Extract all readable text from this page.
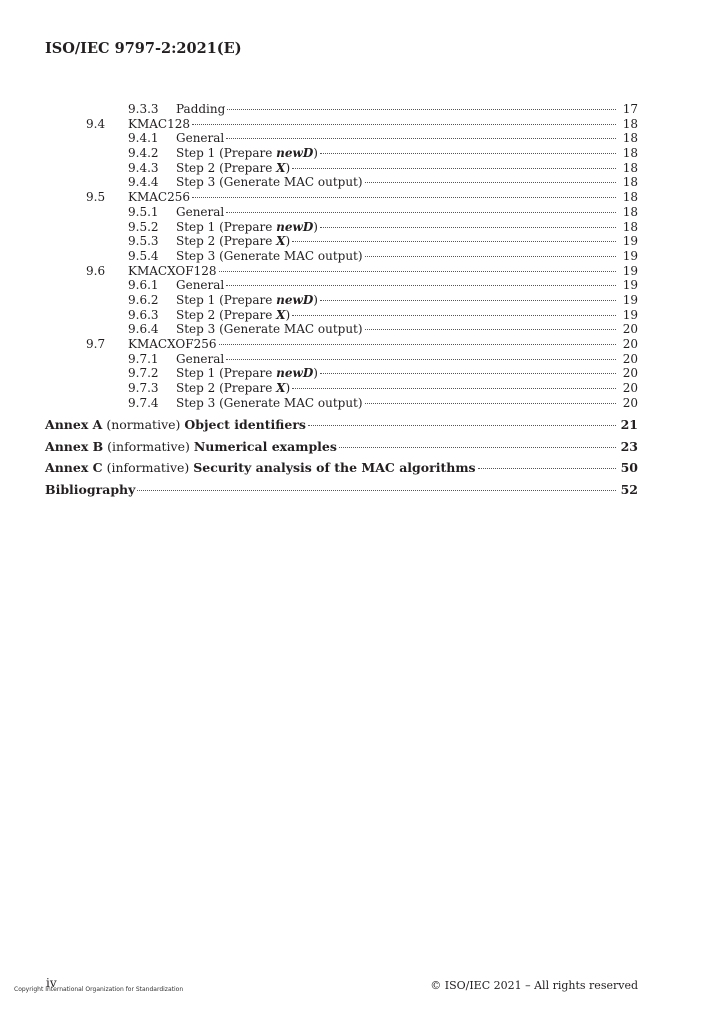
ISO/IEC 9797-2:2021(E)
9.3.3 Padding	17
9.4 KMAC128	18
9.4.1 General	18
9.4.2 Step 1 (Prepare newD)	18
9.4.3 Step 2 (Prepare X)	18
9.4.4 Step 3 (Generate MAC output)	18
9.5 KMAC256	18
9.5.1 General	18
9.5.2 Step 1 (Prepare newD)	18
9.5.3 Step 2 (Prepare X)	19
9.5.4 Step 3 (Generate MAC output)	19
9.6 KMACXOF128	19
9.6.1 General	19
9.6.2 Step 1 (Prepare newD)	19
9.6.3 Step 2 (Prepare X)	19
9.6.4 Step 3 (Generate MAC output)	20
9.7 KMACXOF256	20
9.7.1 General	20
9.7.2 Step 1 (Prepare newD)	20
9.7.3 Step 2 (Prepare X)	20
9.7.4 Step 3 (Generate MAC output)	20
Annex A (normative) Object identifiers	21
Annex B (informative) Numerical examples	23
Annex C (informative) Security analysis of the MAC algorithms	50
Bibliography	52
iv	© ISO/IEC 2021 – All rights reserved
Copyright International Organization for Standardization
